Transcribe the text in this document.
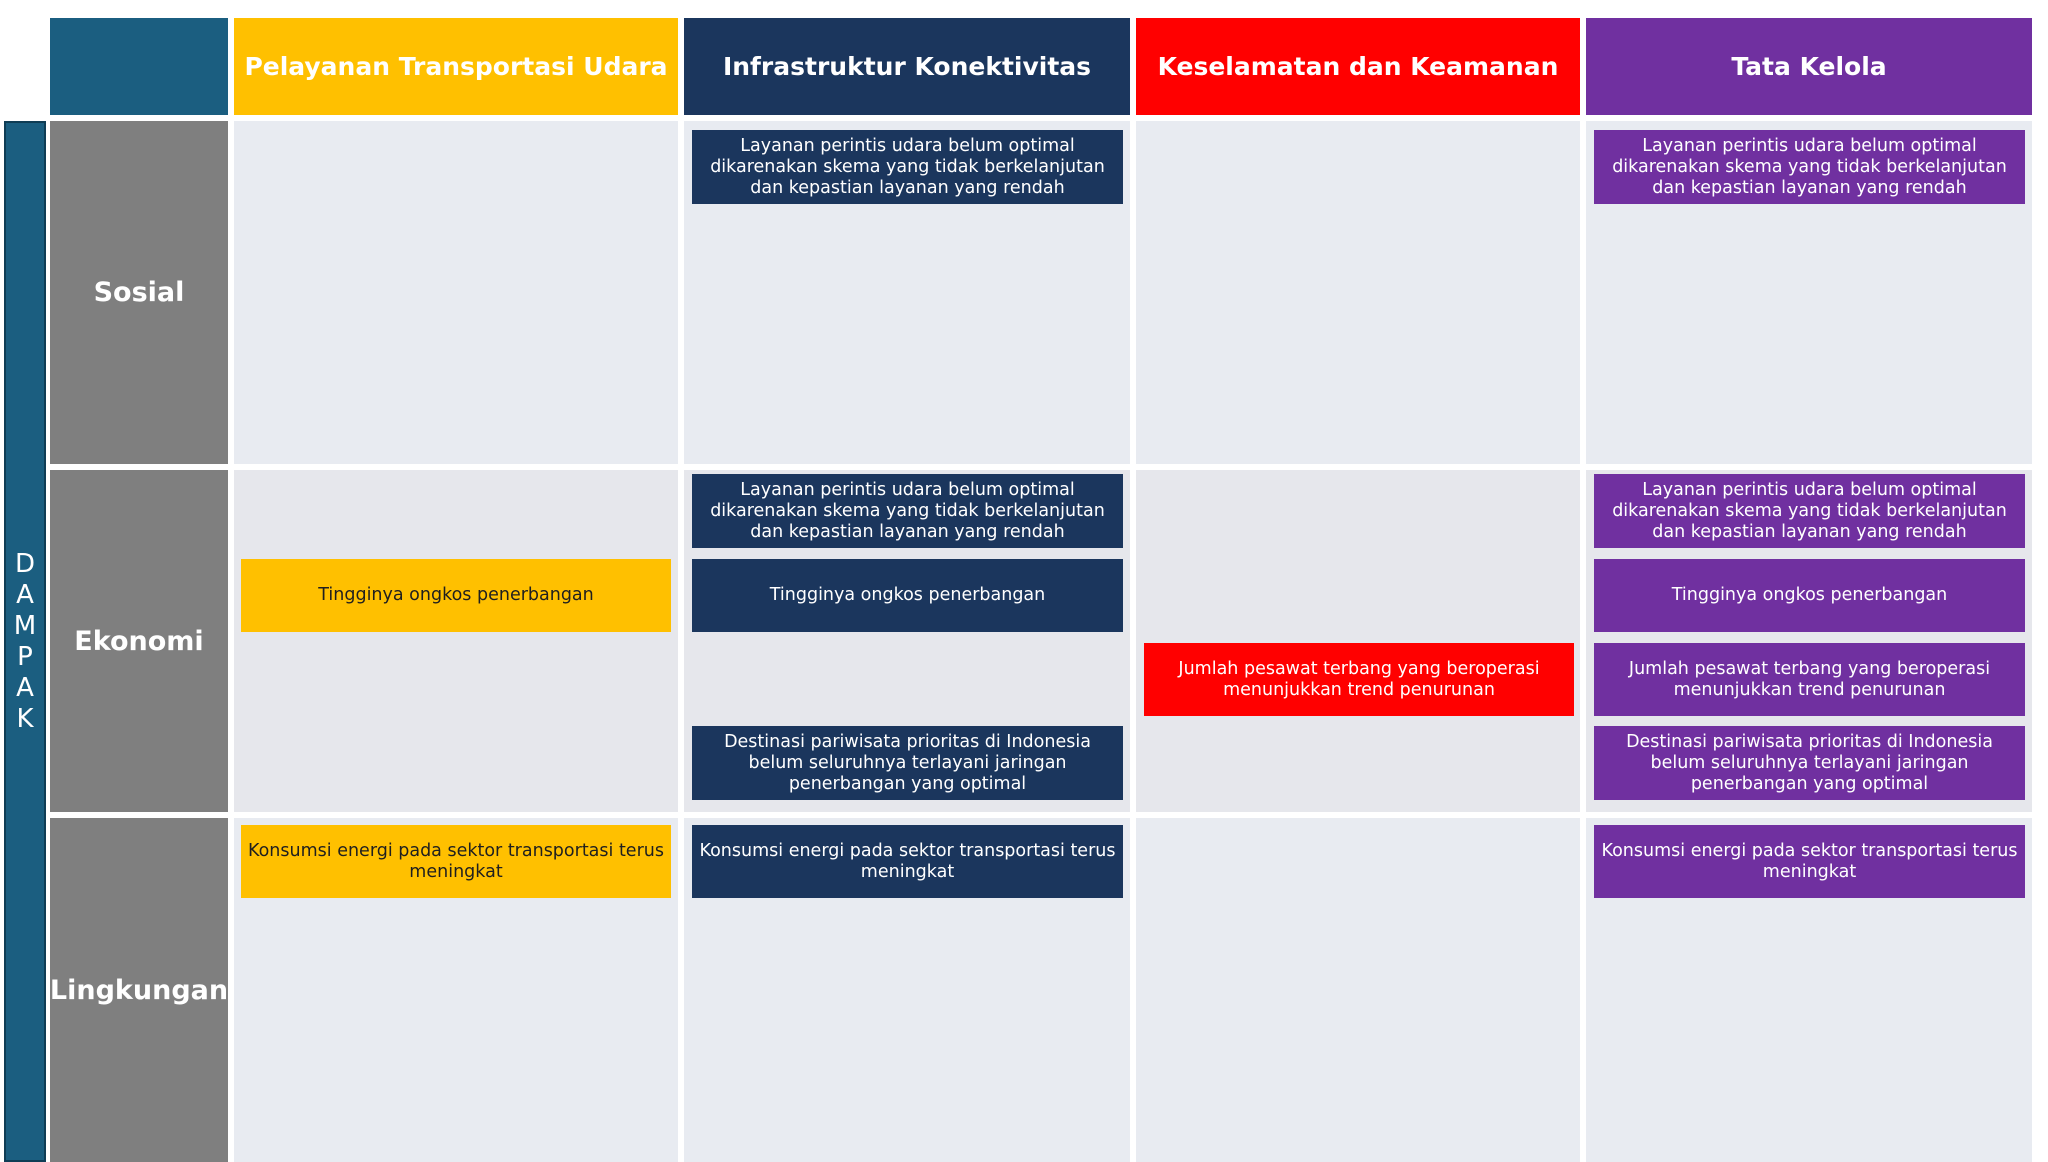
Pelayanan Transportasi Udara Infrastruktur Konektivitas	Keselamatan dan Keamanan	Tata Kelola
D
A
M
P
A
K
Sosial
Ekonomi
Lingkungan
Layanan perintis udara belum optimal dikarenakan skema yang tidak berkelanjutan dan kepastian layanan yang rendah
Layanan perintis udara belum optimal dikarenakan skema yang tidak berkelanjutan dan kepastian layanan yang rendah
Tingginya ongkos penerbangan
Layanan perintis udara belum optimal dikarenakan skema yang tidak berkelanjutan dan kepastian layanan yang rendah
Tingginya ongkos penerbangan
Destinasi pariwisata prioritas di Indonesia belum seluruhnya terlayani jaringan penerbangan yang optimal
Jumlah pesawat terbang yang beroperasi menunjukkan trend penurunan
Layanan perintis udara belum optimal dikarenakan skema yang tidak berkelanjutan dan kepastian layanan yang rendah
Tingginya ongkos penerbangan
Jumlah pesawat terbang yang beroperasi menunjukkan trend penurunan
Destinasi pariwisata prioritas di Indonesia belum seluruhnya terlayani jaringan penerbangan yang optimal
Konsumsi energi pada sektor transportasi terus meningkat
Konsumsi energi pada sektor transportasi terus meningkat
Konsumsi energi pada sektor transportasi terus meningkat
